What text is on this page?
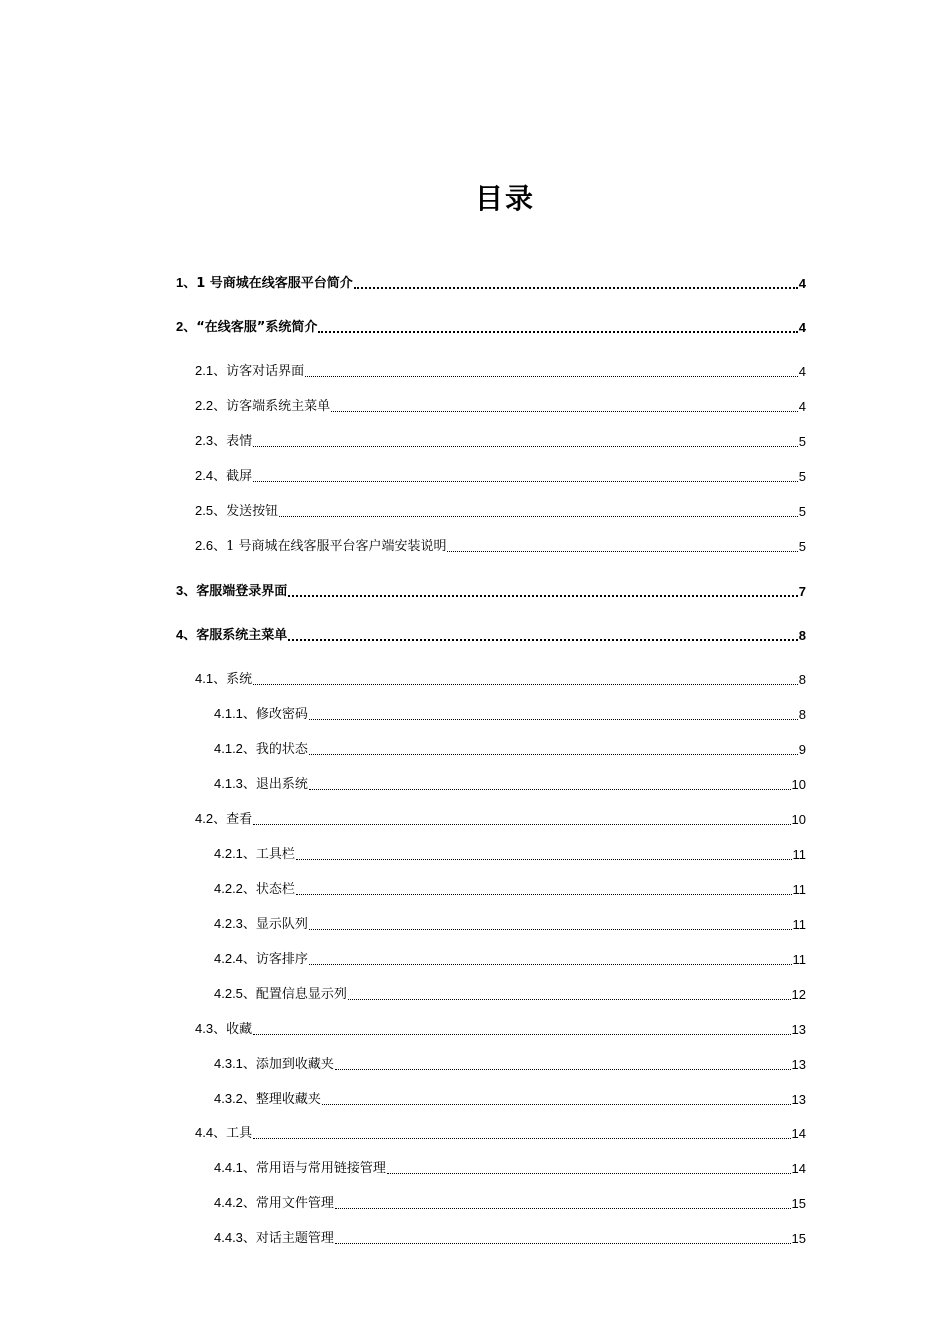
目录
1、1 号商城在线客服平台简介	4
2、“在线客服”系统简介	4
2.1、访客对话界面	4
2.2、访客端系统主菜单	4
2.3、表情	5
2.4、截屏	5
2.5、发送按钮	5
2.6、1 号商城在线客服平台客户端安装说明	5
3、客服端登录界面	7
4、客服系统主菜单	8
4.1、系统	8
4.1.1、修改密码	8
4.1.2、我的状态	9
4.1.3、退出系统	10
4.2、查看	10
4.2.1、工具栏	11
4.2.2、状态栏	11
4.2.3、显示队列	11
4.2.4、访客排序	11
4.2.5、配置信息显示列	12
4.3、收藏	13
4.3.1、添加到收藏夹	13
4.3.2、整理收藏夹	13
4.4、工具	14
4.4.1、常用语与常用链接管理	14
4.4.2、常用文件管理	15
4.4.3、对话主题管理	15
